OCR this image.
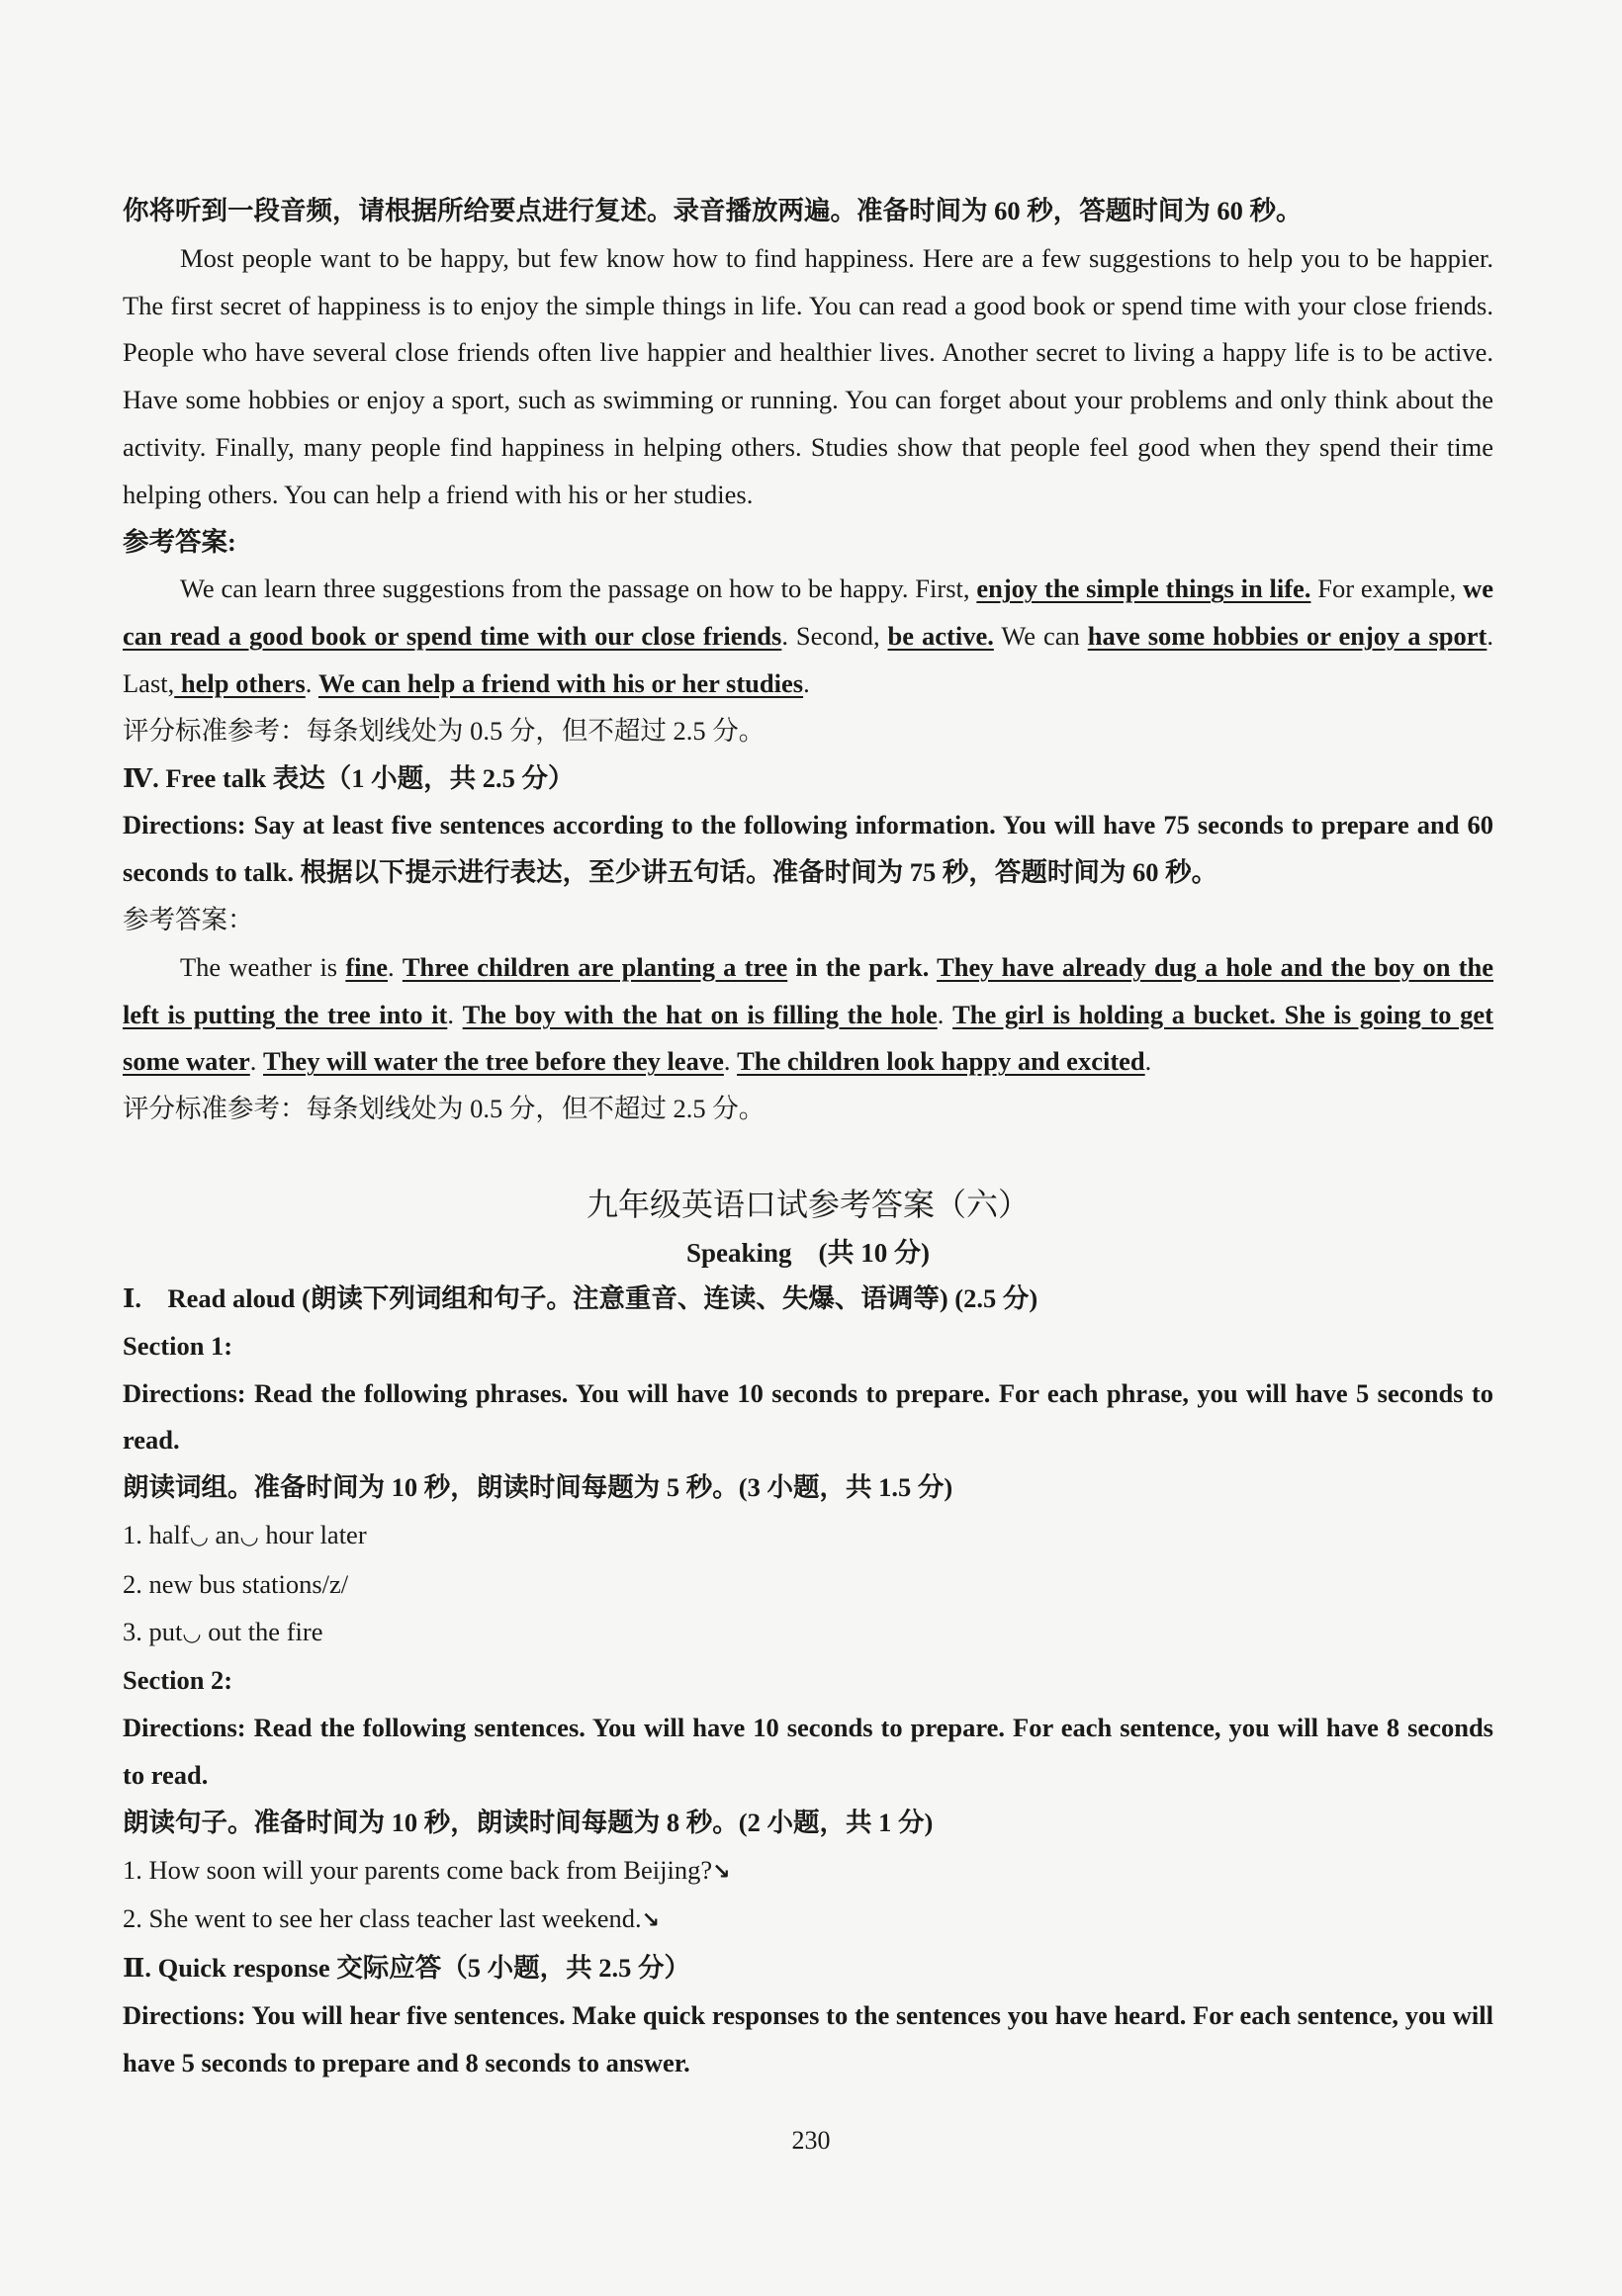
你将听到一段音频，请根据所给要点进行复述。录音播放两遍。准备时间为 60 秒，答题时间为 60 秒。
Most people want to be happy, but few know how to find happiness. Here are a few suggestions to help you to be happier. The first secret of happiness is to enjoy the simple things in life. You can read a good book or spend time with your close friends. People who have several close friends often live happier and healthier lives. Another secret to living a happy life is to be active. Have some hobbies or enjoy a sport, such as swimming or running. You can forget about your problems and only think about the activity. Finally, many people find happiness in helping others. Studies show that people feel good when they spend their time helping others. You can help a friend with his or her studies.
参考答案:
We can learn three suggestions from the passage on how to be happy. First, enjoy the simple things in life. For example, we can read a good book or spend time with our close friends. Second, be active. We can have some hobbies or enjoy a sport. Last, help others. We can help a friend with his or her studies.
评分标准参考：每条划线处为 0.5 分，但不超过 2.5 分。
Ⅳ. Free talk 表达（1 小题，共 2.5 分）
Directions: Say at least five sentences according to the following information. You will have 75 seconds to prepare and 60 seconds to talk. 根据以下提示进行表达，至少讲五句话。准备时间为 75 秒，答题时间为 60 秒。
参考答案：
The weather is fine. Three children are planting a tree in the park. They have already dug a hole and the boy on the left is putting the tree into it. The boy with the hat on is filling the hole. The girl is holding a bucket. She is going to get some water. They will water the tree before they leave. The children look happy and excited.
评分标准参考：每条划线处为 0.5 分，但不超过 2.5 分。
九年级英语口试参考答案（六）
Speaking　(共 10 分)
Ⅰ.　Read aloud (朗读下列词组和句子。注意重音、连读、失爆、语调等) (2.5 分)
Section 1:
Directions: Read the following phrases. You will have 10 seconds to prepare. For each phrase, you will have 5 seconds to read.
朗读词组。准备时间为 10 秒，朗读时间每题为 5 秒。(3 小题，共 1.5 分)
1. half◡ an◡ hour later
2. new bus stations/z/
3. put◡ out the fire
Section 2:
Directions: Read the following sentences. You will have 10 seconds to prepare. For each sentence, you will have 8 seconds to read.
朗读句子。准备时间为 10 秒，朗读时间每题为 8 秒。(2 小题，共 1 分)
1. How soon will your parents come back from Beijing?↘
2. She went to see her class teacher last weekend.↘
Ⅱ. Quick response 交际应答（5 小题，共 2.5 分）
Directions: You will hear five sentences. Make quick responses to the sentences you have heard. For each sentence, you will have 5 seconds to prepare and 8 seconds to answer.
230
